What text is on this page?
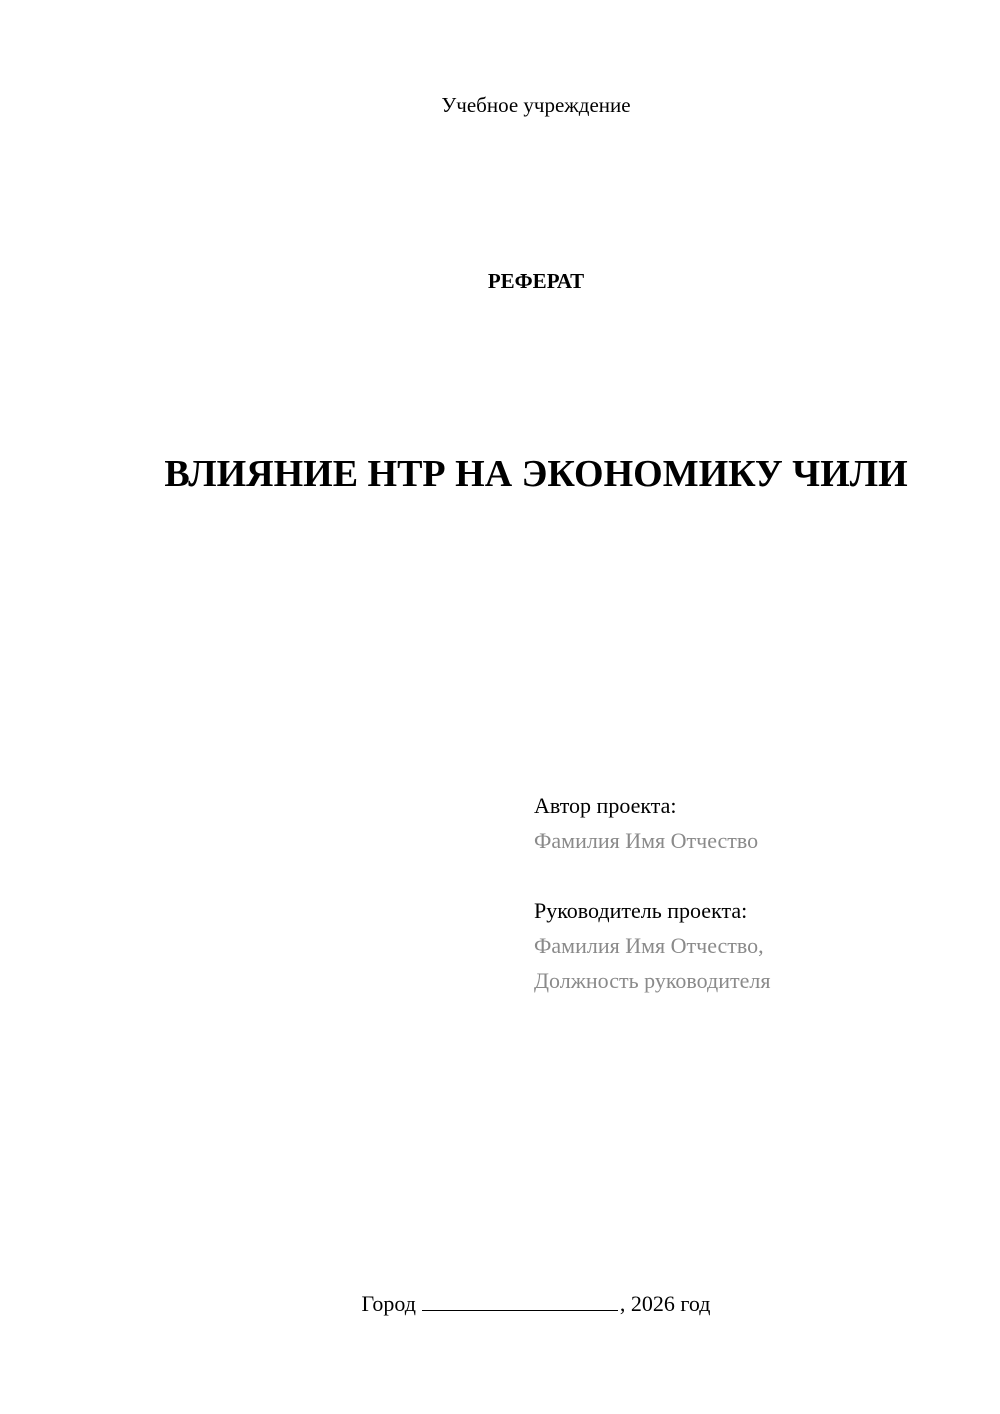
Учебное учреждение
РЕФЕРАТ
ВЛИЯНИЕ НТР НА ЭКОНОМИКУ ЧИЛИ
Автор проекта:
Фамилия Имя Отчество
Руководитель проекта:
Фамилия Имя Отчество,
Должность руководителя
Город	, 2026 год
